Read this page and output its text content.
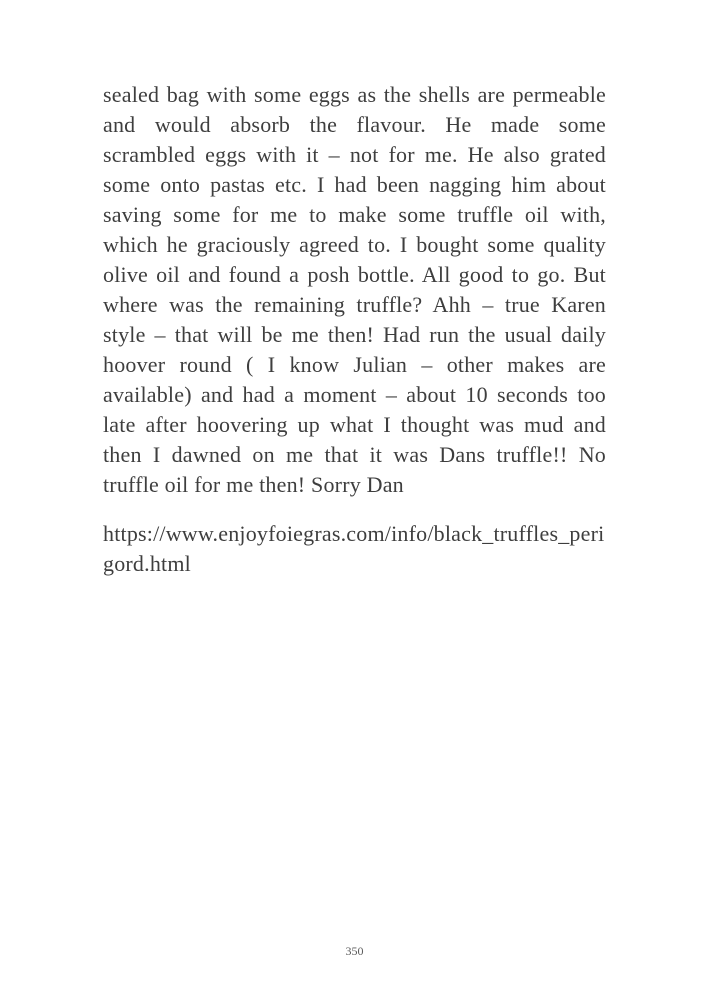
sealed bag with some eggs as the shells are permeable and would absorb the flavour. He made some scrambled eggs with it – not for me. He also grated some onto pastas etc. I had been nagging him about saving some for me to make some truffle oil with, which he graciously agreed to. I bought some quality olive oil and found a posh bottle. All good to go. But where was the remaining truffle? Ahh – true Karen style – that will be me then! Had run the usual daily hoover round ( I know Julian – other makes are available) and had a moment – about 10 seconds too late after hoovering up what I thought was mud and then I dawned on me that it was Dans truffle!! No truffle oil for me then! Sorry Dan

https://www.enjoyfoiegras.com/info/black_truffles_perigord.html

350
